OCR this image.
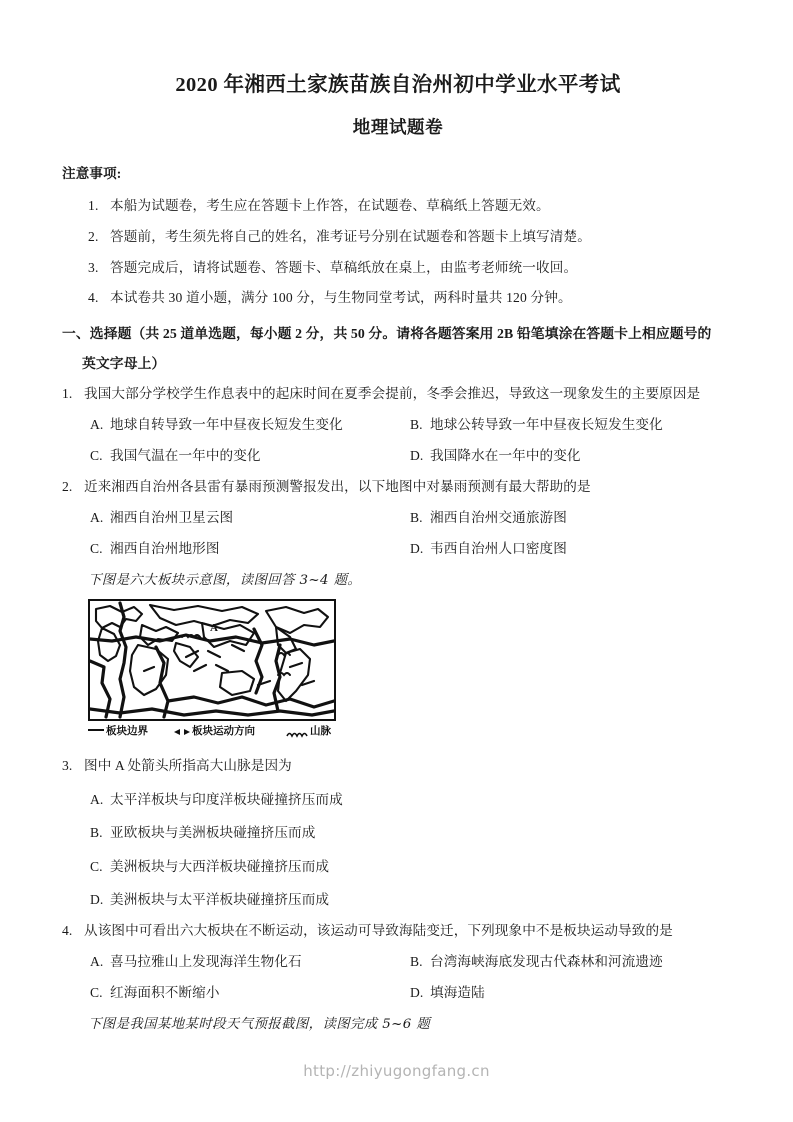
2020 年湘西土家族苗族自治州初中学业水平考试
地理试题卷
注意事项:
1. 本船为试题卷，考生应在答题卡上作答，在试题卷、草稿纸上答题无效。
2. 答题前，考生须先将自己的姓名，准考证号分别在试题卷和答题卡上填写清楚。
3. 答题完成后，请将试题卷、答题卡、草稿纸放在桌上，由监考老师统一收回。
4. 本试卷共 30 道小题，满分 100 分，与生物同堂考试，两科时量共 120 分钟。
一、选择题（共 25 道单选题，每小题 2 分，共 50 分。请将各题答案用 2B 铅笔填涂在答题卡上相应题号的
英文字母上）
1. 我国大部分学校学生作息表中的起床时间在夏季会提前，冬季会推迟，导致这一现象发生的主要原因是
A. 地球自转导致一年中昼夜长短发生变化	B. 地球公转导致一年中昼夜长短发生变化
C. 我国气温在一年中的变化	D. 我国降水在一年中的变化
2. 近来湘西自治州各县雷有暴雨预测警报发出，以下地图中对暴雨预测有最大帮助的是
A. 湘西自治州卫星云图	B. 湘西自治州交通旅游图
C. 湘西自治州地形图	D. 韦西自治州人口密度图
下图是六大板块示意图，读图回答 3~4 题。
A
板块边界	板块运动方向	山脉
3. 图中 A 处箭头所指高大山脉是因为
A. 太平洋板块与印度洋板块碰撞挤压而成
B. 亚欧板块与美洲板块碰撞挤压而成
C. 美洲板块与大西洋板块碰撞挤压而成
D. 美洲板块与太平洋板块碰撞挤压而成
4. 从该图中可看出六大板块在不断运动，该运动可导致海陆变迁，下列现象中不是板块运动导致的是
A. 喜马拉雅山上发现海洋生物化石	B. 台湾海峡海底发现古代森林和河流遗迹
C. 红海面积不断缩小	D. 填海造陆
下图是我国某地某时段天气预报截图，读图完成 5~6 题
http://zhiyugongfang.cn
